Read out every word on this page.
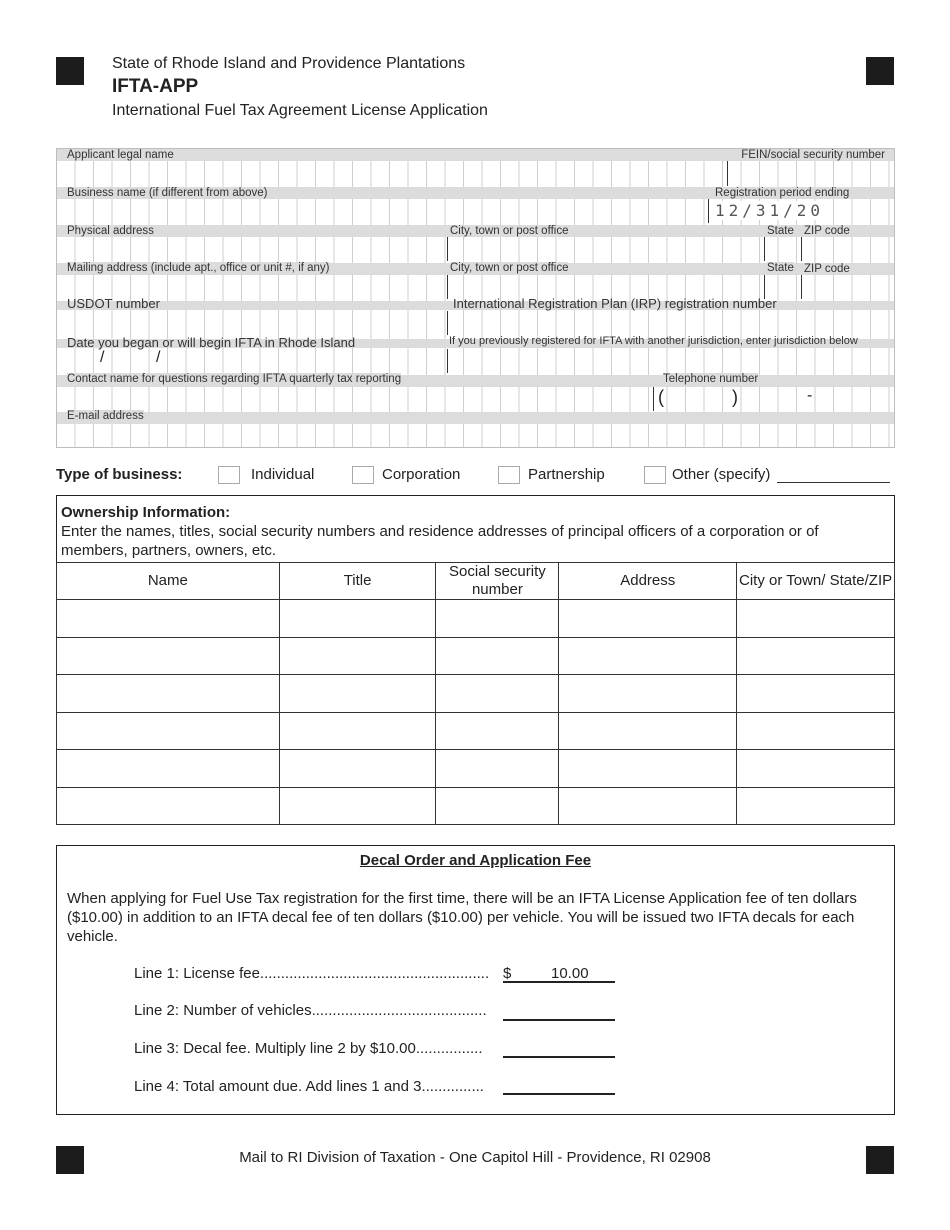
State of Rhode Island and Providence Plantations
IFTA-APP
International Fuel Tax Agreement License Application
Applicant legal name	FEIN/social security number
Business name (if different from above)	Registration period ending
12/31/20
Physical address	City, town or post office	State ZIP code
Mailing address (include apt., office or unit #, if any)	City, town or post office	State ZIP code
USDOT number	International Registration Plan (IRP) registration number
Date you began or will begin IFTA in Rhode Island	If you previously registered for IFTA with another jurisdiction, enter jurisdiction below
/	/
Contact name for questions regarding IFTA quarterly tax reporting	Telephone number
(	)	-
E-mail address
Type of business:	Individual	Corporation	Partnership	Other (specify)
Ownership Information:
Enter the names, titles, social security numbers and residence addresses of principal officers of a corporation or of members, partners, owners, etc.
Name	Title	Social security number	Address	City or Town/ State/ZIP

Decal Order and Application Fee
When applying for Fuel Use Tax registration for the first time, there will be an IFTA License Application fee of ten dollars ($10.00) in addition to an IFTA decal fee of ten dollars ($10.00) per vehicle. You will be issued two IFTA decals for each vehicle.
Line 1: License fee....................................................... $	10.00
Line 2: Number of vehicles..........................................
Line 3: Decal fee. Multiply line 2 by $10.00................
Line 4: Total amount due. Add lines 1 and 3...............
Mail to RI Division of Taxation - One Capitol Hill - Providence, RI 02908
